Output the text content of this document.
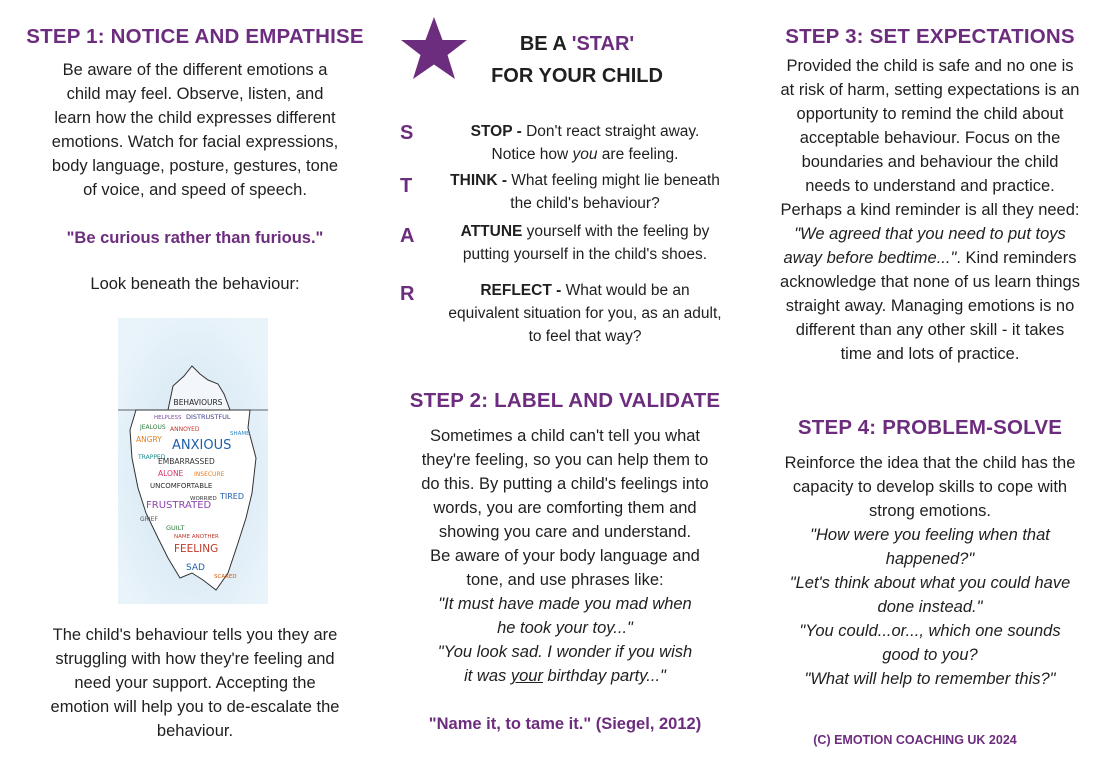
STEP 1: NOTICE AND EMPATHISE
Be aware of the different emotions a
child may feel. Observe, listen, and
learn how the child expresses different
emotions. Watch for facial expressions,
body language, posture, gestures, tone
of voice, and speed of speech.
"Be curious rather than furious."
Look beneath the behaviour:
BEHAVIOURS
HELPLESS DISTRUSTFUL
JEALOUS ANNOYED
SHAME
ANGRY ANXIOUS
TRAPPED
EMBARRASSED
ALONE INSECURE
UNCOMFORTABLE
WORRIED TIRED
FRUSTRATED
GRIEF
GUILT
NAME ANOTHER
FEELING
SAD
SCARED
The child's behaviour tells you they are
struggling with how they're feeling and
need your support. Accepting the
emotion will help you to de-escalate the
behaviour.
BE A 'STAR'
FOR YOUR CHILD
S	STOP - Don't react straight away.
Notice how you are feeling.
T	THINK - What feeling might lie beneath
the child's behaviour?
A	ATTUNE yourself with the feeling by
putting yourself in the child's shoes.
R	REFLECT - What would be an
equivalent situation for you, as an adult,
to feel that way?
STEP 2: LABEL AND VALIDATE
Sometimes a child can't tell you what
they're feeling, so you can help them to
do this. By putting a child's feelings into
words, you are comforting them and
showing you care and understand.
Be aware of your body language and
tone, and use phrases like:
"It must have made you mad when
he took your toy..."
"You look sad. I wonder if you wish
it was your birthday party..."
"Name it, to tame it." (Siegel, 2012)
STEP 3: SET EXPECTATIONS
Provided the child is safe and no one is
at risk of harm, setting expectations is an
opportunity to remind the child about
acceptable behaviour. Focus on the
boundaries and behaviour the child
needs to understand and practice.
Perhaps a kind reminder is all they need:
"We agreed that you need to put toys
away before bedtime...". Kind reminders
acknowledge that none of us learn things
straight away. Managing emotions is no
different than any other skill - it takes
time and lots of practice.
STEP 4: PROBLEM-SOLVE
Reinforce the idea that the child has the
capacity to develop skills to cope with
strong emotions.
"How were you feeling when that
happened?"
"Let's think about what you could have
done instead."
"You could...or..., which one sounds
good to you?
"What will help to remember this?"
(C) EMOTION COACHING UK 2024
